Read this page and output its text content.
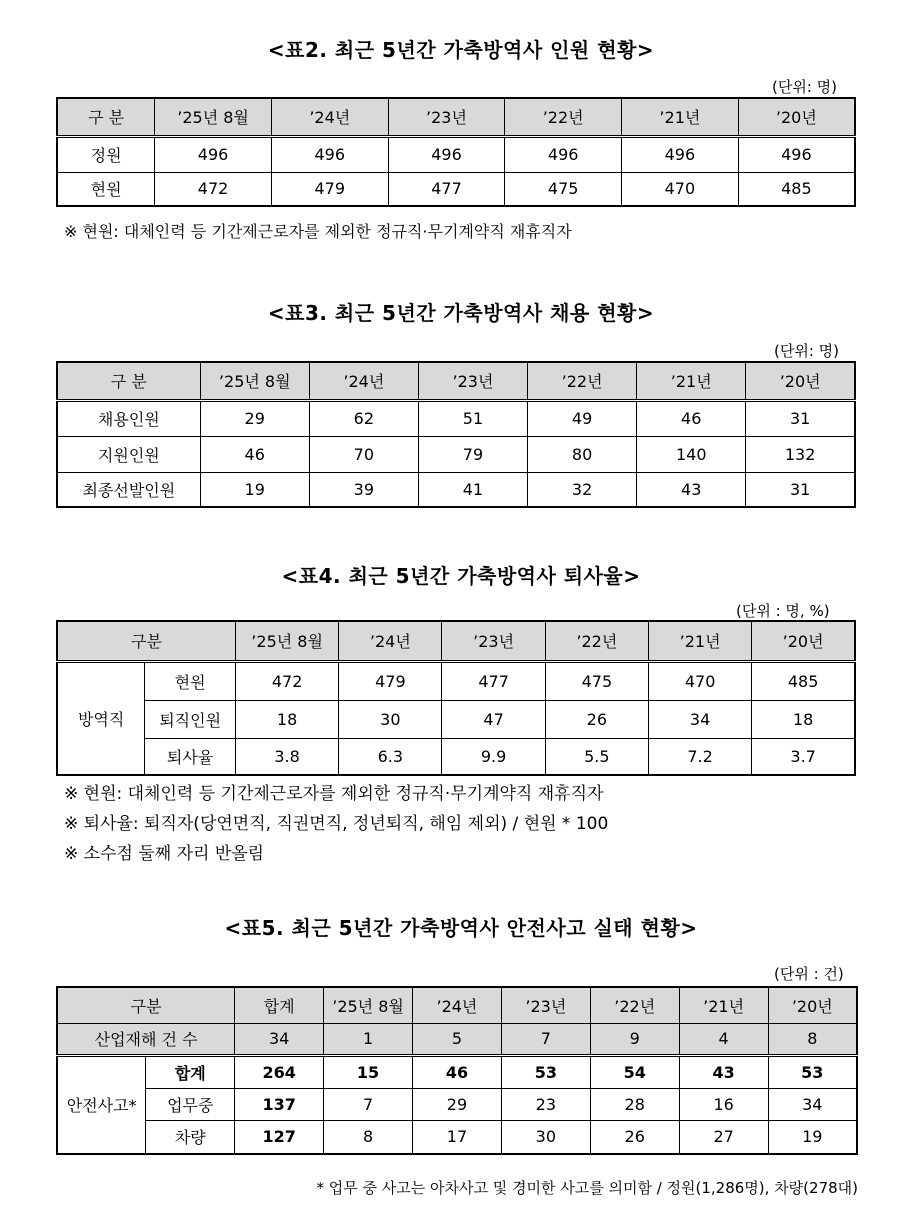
<표2. 최근 5년간 가축방역사 인원 현황>
(단위: 명)
구 분	’25년 8월	’24년	’23년	’22년	’21년	’20년
정원	496	496	496	496	496	496
현원	472	479	477	475	470	485
※ 현원: 대체인력 등 기간제근로자를 제외한 정규직·무기계약직 재휴직자
<표3. 최근 5년간 가축방역사 채용 현황>
(단위: 명)
구 분	’25년 8월	’24년	’23년	’22년	’21년	’20년
채용인원	29	62	51	49	46	31
지원인원	46	70	79	80	140	132
최종선발인원	19	39	41	32	43	31
<표4. 최근 5년간 가축방역사 퇴사율>
(단위 : 명, %)
구분		’25년 8월	’24년	’23년	’22년	’21년	’20년
방역직	현원	472	479	477	475	470	485
	퇴직인원	18	30	47	26	34	18
	퇴사율	3.8	6.3	9.9	5.5	7.2	3.7
※ 현원: 대체인력 등 기간제근로자를 제외한 정규직·무기계약직 재휴직자
※ 퇴사율: 퇴직자(당연면직, 직권면직, 정년퇴직, 해임 제외) / 현원 * 100
※ 소수점 둘째 자리 반올림
<표5. 최근 5년간 가축방역사 안전사고 실태 현황>
(단위 : 건)
구분		합계	’25년 8월	’24년	’23년	’22년	’21년	’20년
산업재해 건 수		34	1	5	7	9	4	8
안전사고*	합계	264	15	46	53	54	43	53
	업무중	137	7	29	23	28	16	34
	차량	127	8	17	30	26	27	19
* 업무 중 사고는 아차사고 및 경미한 사고를 의미함 / 정원(1,286명), 차량(278대)
